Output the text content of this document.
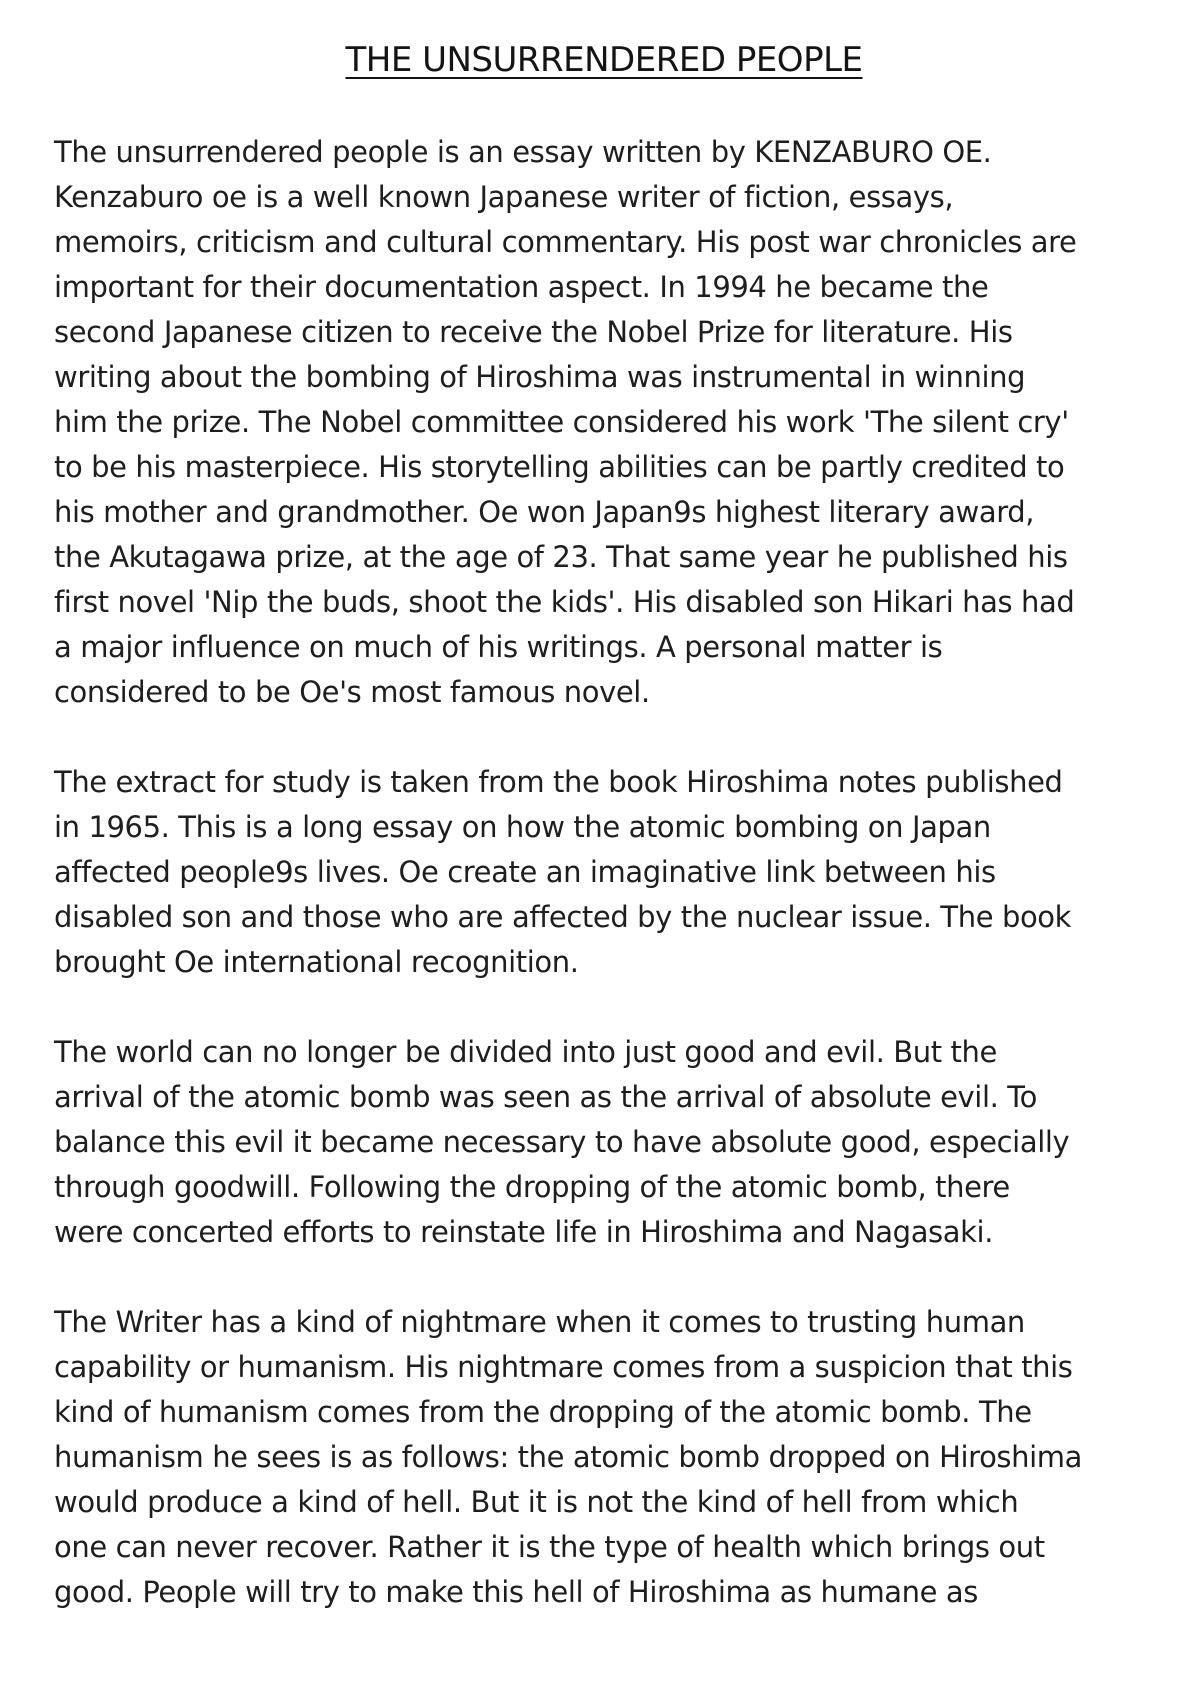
THE UNSURRENDERED PEOPLE

The unsurrendered people is an essay written by KENZABURO OE.
Kenzaburo oe is a well known Japanese writer of fiction, essays,
memoirs, criticism and cultural commentary. His post war chronicles are
important for their documentation aspect. In 1994 he became the
second Japanese citizen to receive the Nobel Prize for literature. His
writing about the bombing of Hiroshima was instrumental in winning
him the prize. The Nobel committee considered his work 'The silent cry'
to be his masterpiece. His storytelling abilities can be partly credited to
his mother and grandmother. Oe won Japan9s highest literary award,
the Akutagawa prize, at the age of 23. That same year he published his
first novel 'Nip the buds, shoot the kids'. His disabled son Hikari has had
a major influence on much of his writings. A personal matter is
considered to be Oe's most famous novel.

The extract for study is taken from the book Hiroshima notes published
in 1965. This is a long essay on how the atomic bombing on Japan
affected people9s lives. Oe create an imaginative link between his
disabled son and those who are affected by the nuclear issue. The book
brought Oe international recognition.

The world can no longer be divided into just good and evil. But the
arrival of the atomic bomb was seen as the arrival of absolute evil. To
balance this evil it became necessary to have absolute good, especially
through goodwill. Following the dropping of the atomic bomb, there
were concerted efforts to reinstate life in Hiroshima and Nagasaki.

The Writer has a kind of nightmare when it comes to trusting human
capability or humanism. His nightmare comes from a suspicion that this
kind of humanism comes from the dropping of the atomic bomb. The
humanism he sees is as follows: the atomic bomb dropped on Hiroshima
would produce a kind of hell. But it is not the kind of hell from which
one can never recover. Rather it is the type of health which brings out
good. People will try to make this hell of Hiroshima as humane as
